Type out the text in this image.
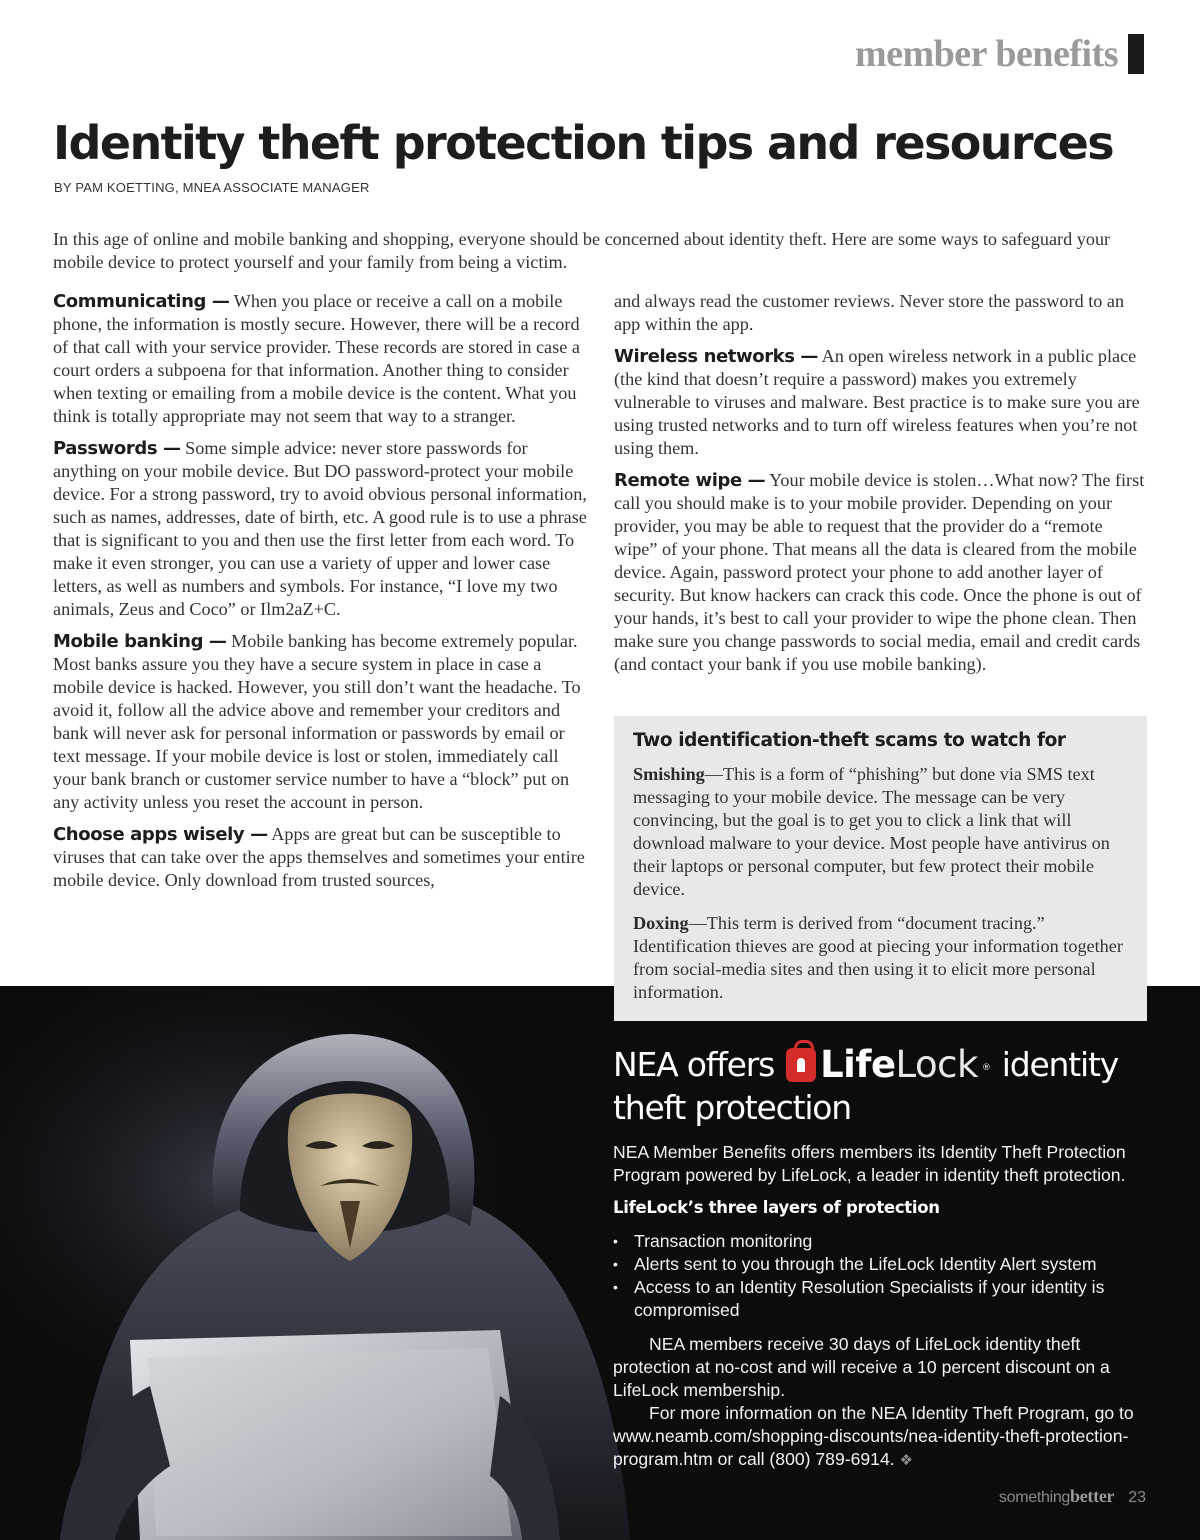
member benefits
Identity theft protection tips and resources
BY PAM KOETTING, MNEA ASSOCIATE MANAGER

In this age of online and mobile banking and shopping, everyone should be concerned about identity theft. Here are some ways to safeguard your mobile device to protect yourself and your family from being a victim.

Communicating — When you place or receive a call on a mobile phone, the information is mostly secure. However, there will be a record of that call with your service provider. These records are stored in case a court orders a subpoena for that information. Another thing to consider when texting or emailing from a mobile device is the content. What you think is totally appropriate may not seem that way to a stranger.

Passwords — Some simple advice: never store passwords for anything on your mobile device. But DO password-protect your mobile device. For a strong password, try to avoid obvious personal information, such as names, addresses, date of birth, etc. A good rule is to use a phrase that is significant to you and then use the first letter from each word. To make it even stronger, you can use a variety of upper and lower case letters, as well as numbers and symbols. For instance, “I love my two animals, Zeus and Coco” or Ilm2aZ+C.

Mobile banking — Mobile banking has become extremely popular. Most banks assure you they have a secure system in place in case a mobile device is hacked. However, you still don’t want the headache. To avoid it, follow all the advice above and remember your creditors and bank will never ask for personal information or passwords by email or text message. If your mobile device is lost or stolen, immediately call your bank branch or customer service number to have a “block” put on any activity unless you reset the account in person.

Choose apps wisely — Apps are great but can be susceptible to viruses that can take over the apps themselves and sometimes your entire mobile device. Only download from trusted sources,

and always read the customer reviews. Never store the password to an app within the app.

Wireless networks — An open wireless network in a public place (the kind that doesn’t require a password) makes you extremely vulnerable to viruses and malware. Best practice is to make sure you are using trusted networks and to turn off wireless features when you’re not using them.

Remote wipe — Your mobile device is stolen…What now? The first call you should make is to your mobile provider. Depending on your provider, you may be able to request that the provider do a “remote wipe” of your phone. That means all the data is cleared from the mobile device. Again, password protect your phone to add another layer of security. But know hackers can crack this code. Once the phone is out of your hands, it’s best to call your provider to wipe the phone clean. Then make sure you change passwords to social media, email and credit cards (and contact your bank if you use mobile banking).

Two identification-theft scams to watch for

Smishing—This is a form of “phishing” but done via SMS text messaging to your mobile device. The message can be very convincing, but the goal is to get you to click a link that will download malware to your device. Most people have antivirus on their laptops or personal computer, but few protect their mobile device.

Doxing—This term is derived from “document tracing.” Identification thieves are good at piecing your information together from social-media sites and then using it to elicit more personal information.

NEA offers LifeLock ® identity
theft protection

NEA Member Benefits offers members its Identity Theft Protection Program powered by LifeLock, a leader in identity theft protection.

LifeLock’s three layers of protection
• Transaction monitoring
• Alerts sent to you through the LifeLock Identity Alert system
• Access to an Identity Resolution Specialists if your identity is compromised

NEA members receive 30 days of LifeLock identity theft protection at no-cost and will receive a 10 percent discount on a LifeLock membership.

For more information on the NEA Identity Theft Program, go to www.neamb.com/shopping-discounts/nea-identity-theft-protection-program.htm or call (800) 789-6914. ❖

somethingbetter 23
